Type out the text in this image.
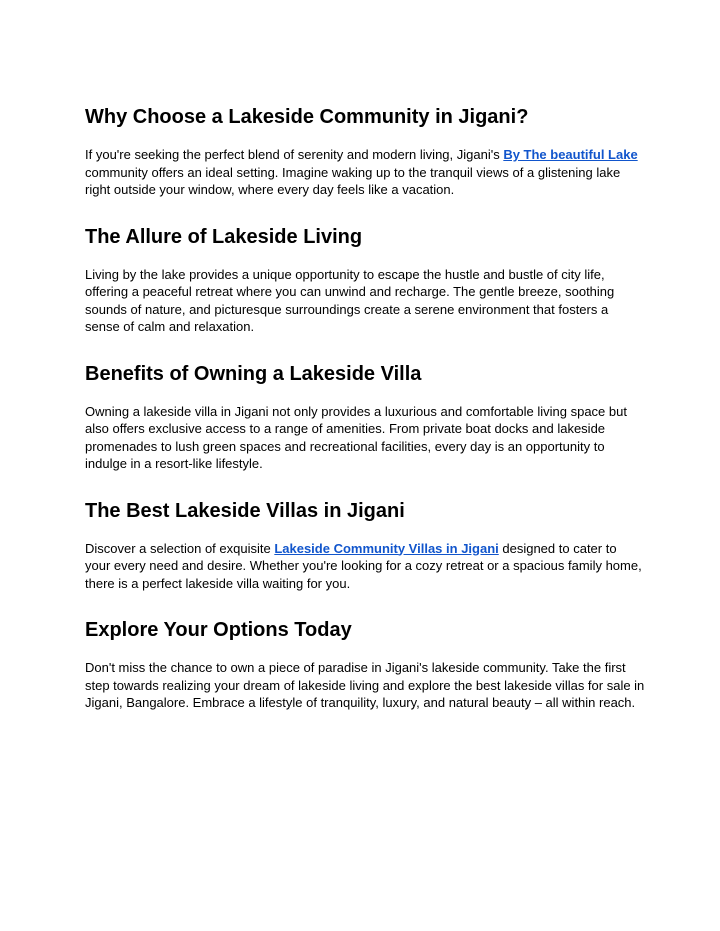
Why Choose a Lakeside Community in Jigani?

If you're seeking the perfect blend of serenity and modern living, Jigani's By The beautiful Lake community offers an ideal setting. Imagine waking up to the tranquil views of a glistening lake right outside your window, where every day feels like a vacation.

The Allure of Lakeside Living

Living by the lake provides a unique opportunity to escape the hustle and bustle of city life, offering a peaceful retreat where you can unwind and recharge. The gentle breeze, soothing sounds of nature, and picturesque surroundings create a serene environment that fosters a sense of calm and relaxation.

Benefits of Owning a Lakeside Villa

Owning a lakeside villa in Jigani not only provides a luxurious and comfortable living space but also offers exclusive access to a range of amenities. From private boat docks and lakeside promenades to lush green spaces and recreational facilities, every day is an opportunity to indulge in a resort-like lifestyle.

The Best Lakeside Villas in Jigani

Discover a selection of exquisite Lakeside Community Villas in Jigani designed to cater to your every need and desire. Whether you're looking for a cozy retreat or a spacious family home, there is a perfect lakeside villa waiting for you.

Explore Your Options Today

Don't miss the chance to own a piece of paradise in Jigani's lakeside community. Take the first step towards realizing your dream of lakeside living and explore the best lakeside villas for sale in Jigani, Bangalore. Embrace a lifestyle of tranquility, luxury, and natural beauty – all within reach.
